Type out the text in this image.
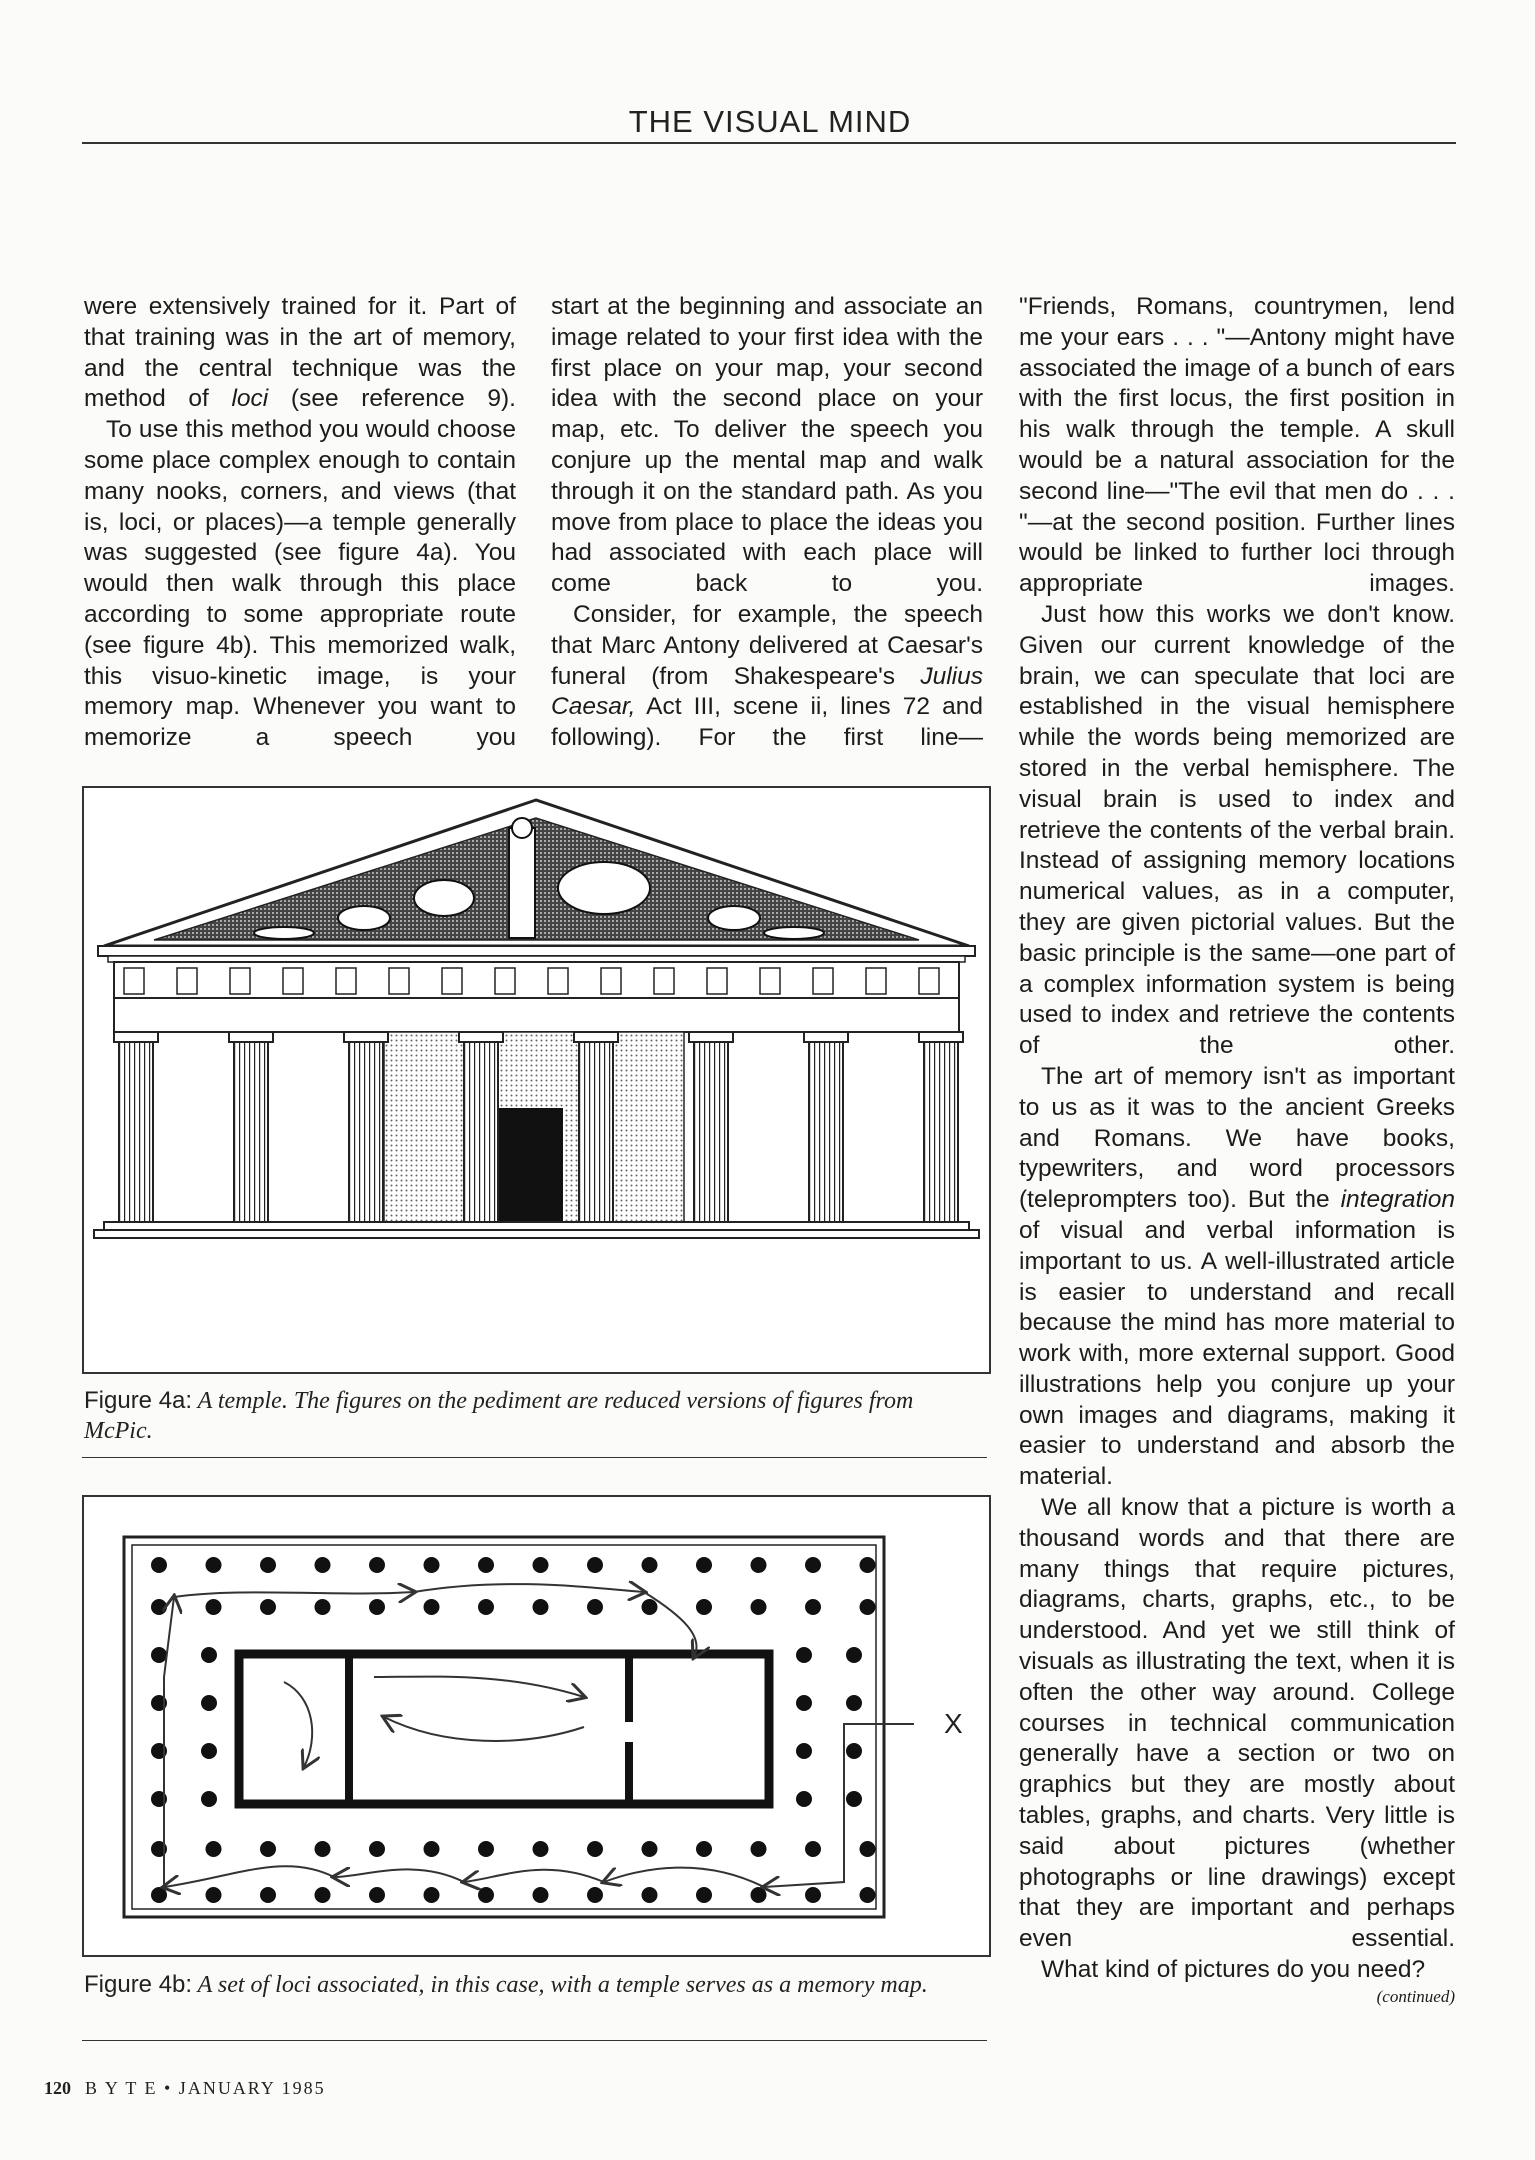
THE VISUAL MIND

were extensively trained for it. Part of that training was in the art of memory, and the central technique was the method of loci (see reference 9).

To use this method you would choose some place complex enough to contain many nooks, corners, and views (that is, loci, or places)—a temple generally was suggested (see figure 4a). You would then walk through this place according to some appropriate route (see figure 4b). This memorized walk, this visuo-kinetic image, is your memory map. Whenever you want to memorize a speech you

start at the beginning and associate an image related to your first idea with the first place on your map, your second idea with the second place on your map, etc. To deliver the speech you conjure up the mental map and walk through it on the standard path. As you move from place to place the ideas you had associated with each place will come back to you.

Consider, for example, the speech that Marc Antony delivered at Caesar's funeral (from Shakespeare's Julius Caesar, Act III, scene ii, lines 72 and following). For the first line—

"Friends, Romans, countrymen, lend me your ears . . . "—Antony might have associated the image of a bunch of ears with the first locus, the first position in his walk through the temple. A skull would be a natural association for the second line—"The evil that men do . . . "—at the second position. Further lines would be linked to further loci through appropriate images.

Just how this works we don't know. Given our current knowledge of the brain, we can speculate that loci are established in the visual hemisphere while the words being memorized are stored in the verbal hemisphere. The visual brain is used to index and retrieve the contents of the verbal brain. Instead of assigning memory locations numerical values, as in a computer, they are given pictorial values. But the basic principle is the same—one part of a complex information system is being used to index and retrieve the contents of the other.

The art of memory isn't as important to us as it was to the ancient Greeks and Romans. We have books, typewriters, and word processors (teleprompters too). But the integration of visual and verbal information is important to us. A well-illustrated article is easier to understand and recall because the mind has more material to work with, more external support. Good illustrations help you conjure up your own images and diagrams, making it easier to understand and absorb the material.

We all know that a picture is worth a thousand words and that there are many things that require pictures, diagrams, charts, graphs, etc., to be understood. And yet we still think of visuals as illustrating the text, when it is often the other way around. College courses in technical communication generally have a section or two on graphics but they are mostly about tables, graphs, and charts. Very little is said about pictures (whether photographs or line drawings) except that they are important and perhaps even essential.

What kind of pictures do you need?

(continued)
Figure 4a: A temple. The figures on the pediment are reduced versions of figures from McPic.
X
Figure 4b: A set of loci associated, in this case, with a temple serves as a memory map.
120 B Y T E • JANUARY 1985
